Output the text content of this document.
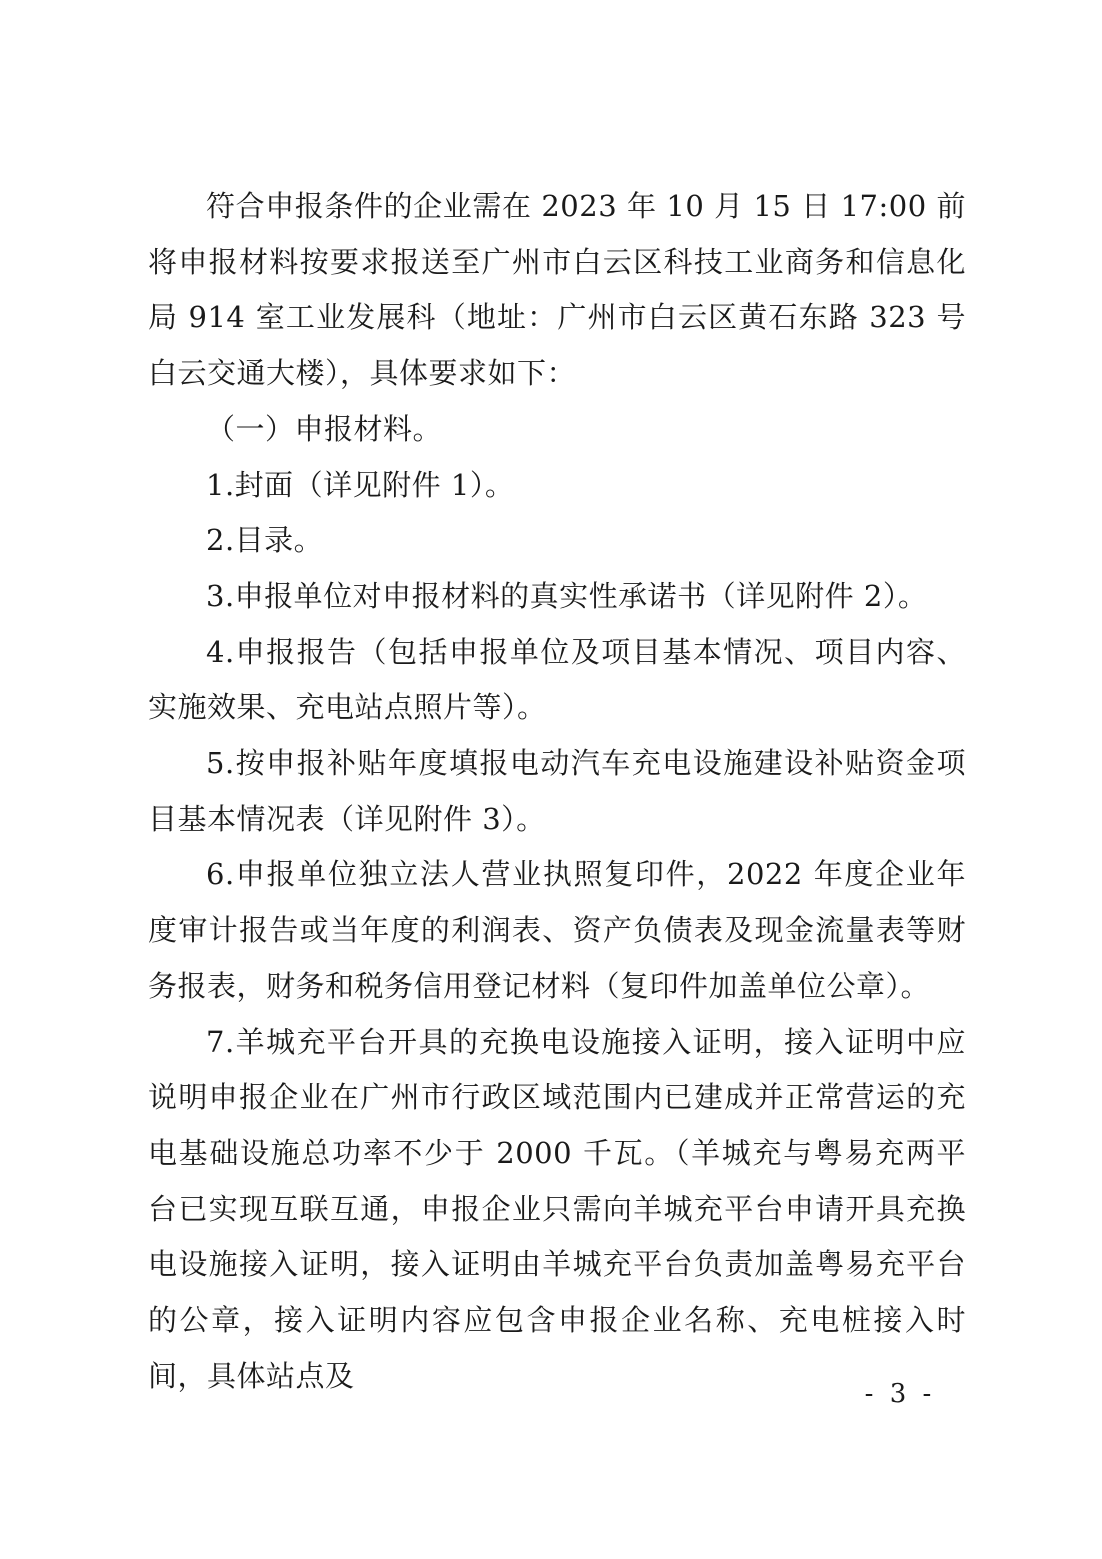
符合申报条件的企业需在 2023 年 10 月 15 日 17:00 前将申报材料按要求报送至广州市白云区科技工业商务和信息化局 914 室工业发展科（地址：广州市白云区黄石东路 323 号白云交通大楼），具体要求如下：

（一）申报材料。

1.封面（详见附件 1）。

2.目录。

3.申报单位对申报材料的真实性承诺书（详见附件 2）。

4.申报报告（包括申报单位及项目基本情况、项目内容、实施效果、充电站点照片等）。

5.按申报补贴年度填报电动汽车充电设施建设补贴资金项目基本情况表（详见附件 3）。

6.申报单位独立法人营业执照复印件，2022 年度企业年度审计报告或当年度的利润表、资产负债表及现金流量表等财务报表，财务和税务信用登记材料（复印件加盖单位公章）。

7.羊城充平台开具的充换电设施接入证明，接入证明中应说明申报企业在广州市行政区域范围内已建成并正常营运的充电基础设施总功率不少于 2000 千瓦。（羊城充与粤易充两平台已实现互联互通，申报企业只需向羊城充平台申请开具充换电设施接入证明，接入证明由羊城充平台负责加盖粤易充平台的公章，接入证明内容应包含申报企业名称、充电桩接入时间，具体站点及

- 3 -
